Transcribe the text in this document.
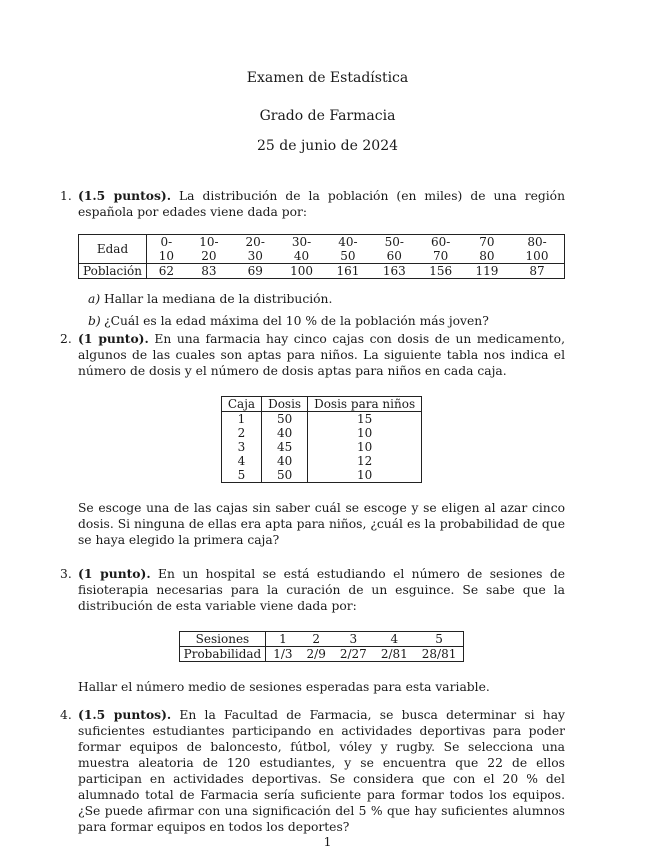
Examen de Estadística
Grado de Farmacia
25 de junio de 2024
1. (1.5 puntos). La distribución de la población (en miles) de una región española por edades viene dada por:
Edad	0-10	10-20	20-30	30-40	40-50	50-60	60-70	70 80	80-100
Población	62	83	69	100	161	163	156	119	87
a) Hallar la mediana de la distribución.
b) ¿Cuál es la edad máxima del 10 % de la población más joven?
2. (1 punto). En una farmacia hay cinco cajas con dosis de un medicamento, algunos de las cuales son aptas para niños. La siguiente tabla nos indica el número de dosis y el número de dosis aptas para niños en cada caja.
Caja	Dosis	Dosis para niños
1	50	15
2	40	10
3	45	10
4	40	12
5	50	10
Se escoge una de las cajas sin saber cuál se escoge y se eligen al azar cinco dosis. Si ninguna de ellas era apta para niños, ¿cuál es la probabilidad de que se haya elegido la primera caja?
3. (1 punto). En un hospital se está estudiando el número de sesiones de fisioterapia necesarias para la curación de un esguince. Se sabe que la distribución de esta variable viene dada por:
Sesiones	1	2	3	4	5
Probabilidad	1/3	2/9	2/27	2/81	28/81
Hallar el número medio de sesiones esperadas para esta variable.
4. (1.5 puntos). En la Facultad de Farmacia, se busca determinar si hay suficientes estudiantes participando en actividades deportivas para poder formar equipos de baloncesto, fútbol, vóley y rugby. Se selecciona una muestra aleatoria de 120 estudiantes, y se encuentra que 22 de ellos participan en actividades deportivas. Se considera que con el 20 % del alumnado total de Farmacia sería suficiente para formar todos los equipos. ¿Se puede afirmar con una significación del 5 % que hay suficientes alumnos para formar equipos en todos los deportes?
1
